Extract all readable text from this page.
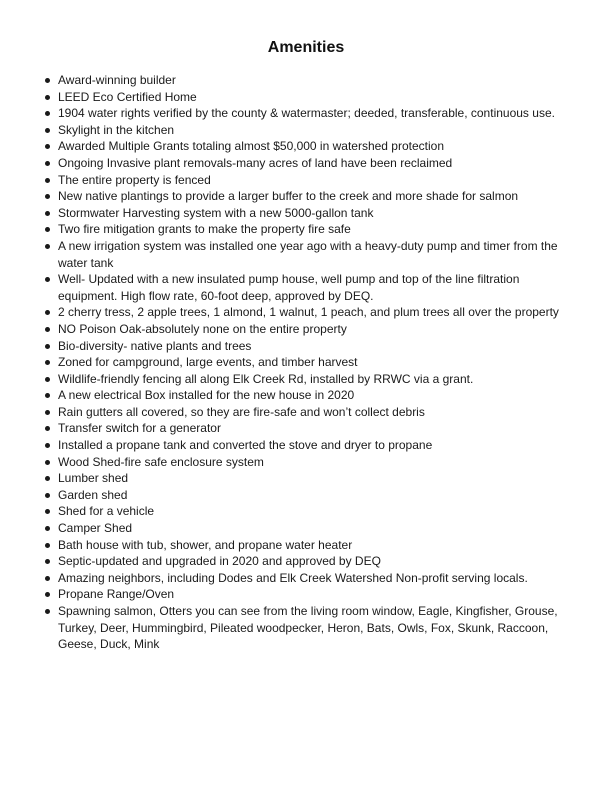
Amenities
Award-winning builder
LEED Eco Certified Home
1904 water rights verified by the county & watermaster; deeded, transferable, continuous use.
Skylight in the kitchen
Awarded Multiple Grants totaling almost $50,000 in watershed protection
Ongoing Invasive plant removals-many acres of land have been reclaimed
The entire property is fenced
New native plantings to provide a larger buffer to the creek and more shade for salmon
Stormwater Harvesting system with a new 5000-gallon tank
Two fire mitigation grants to make the property fire safe
A new irrigation system was installed one year ago with a heavy-duty pump and timer from the water tank
Well- Updated with a new insulated pump house, well pump and top of the line filtration equipment. High flow rate, 60-foot deep, approved by DEQ.
2 cherry tress, 2 apple trees, 1 almond, 1 walnut, 1 peach, and plum trees all over the property
NO Poison Oak-absolutely none on the entire property
Bio-diversity- native plants and trees
Zoned for campground, large events, and timber harvest
Wildlife-friendly fencing all along Elk Creek Rd, installed by RRWC via a grant.
A new electrical Box installed for the new house in 2020
Rain gutters all covered, so they are fire-safe and won’t collect debris
Transfer switch for a generator
Installed a propane tank and converted the stove and dryer to propane
Wood Shed-fire safe enclosure system
Lumber shed
Garden shed
Shed for a vehicle
Camper Shed
Bath house with tub, shower, and propane water heater
Septic-updated and upgraded in 2020 and approved by DEQ
Amazing neighbors, including Dodes and Elk Creek Watershed Non-profit serving locals.
Propane Range/Oven
Spawning salmon, Otters you can see from the living room window, Eagle, Kingfisher, Grouse, Turkey, Deer, Hummingbird, Pileated woodpecker, Heron, Bats, Owls, Fox, Skunk, Raccoon, Geese, Duck, Mink
